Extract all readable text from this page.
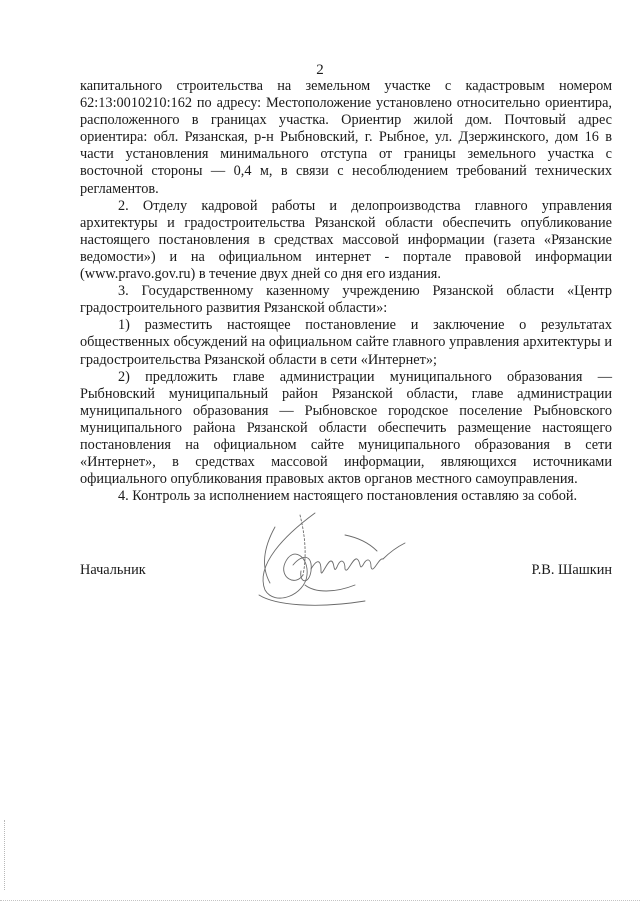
2

капитального строительства на земельном участке с кадастровым номером 62:13:0010210:162 по адресу: Местоположение установлено относительно ориентира, расположенного в границах участка. Ориентир жилой дом. Почтовый адрес ориентира: обл. Рязанская, р-н Рыбновский, г. Рыбное, ул. Дзержинского, дом 16 в части установления минимального отступа от границы земельного участка с восточной стороны — 0,4 м, в связи с несоблюдением требований технических регламентов.

2. Отделу кадровой работы и делопроизводства главного управления архитектуры и градостроительства Рязанской области обеспечить опубликование настоящего постановления в средствах массовой информации (газета «Рязанские ведомости») и на официальном интернет - портале правовой информации (www.pravo.gov.ru) в течение двух дней со дня его издания.

3. Государственному казенному учреждению Рязанской области «Центр градостроительного развития Рязанской области»:

1) разместить настоящее постановление и заключение о результатах общественных обсуждений на официальном сайте главного управления архитектуры и градостроительства Рязанской области в сети «Интернет»;

2) предложить главе администрации муниципального образования — Рыбновский муниципальный район Рязанской области, главе администрации муниципального образования — Рыбновское городское поселение Рыбновского муниципального района Рязанской области обеспечить размещение настоящего постановления на официальном сайте муниципального образования в сети «Интернет», в средствах массовой информации, являющихся источниками официального опубликования правовых актов органов местного самоуправления.

4. Контроль за исполнением настоящего постановления оставляю за собой.

Начальник	Р.В. Шашкин
